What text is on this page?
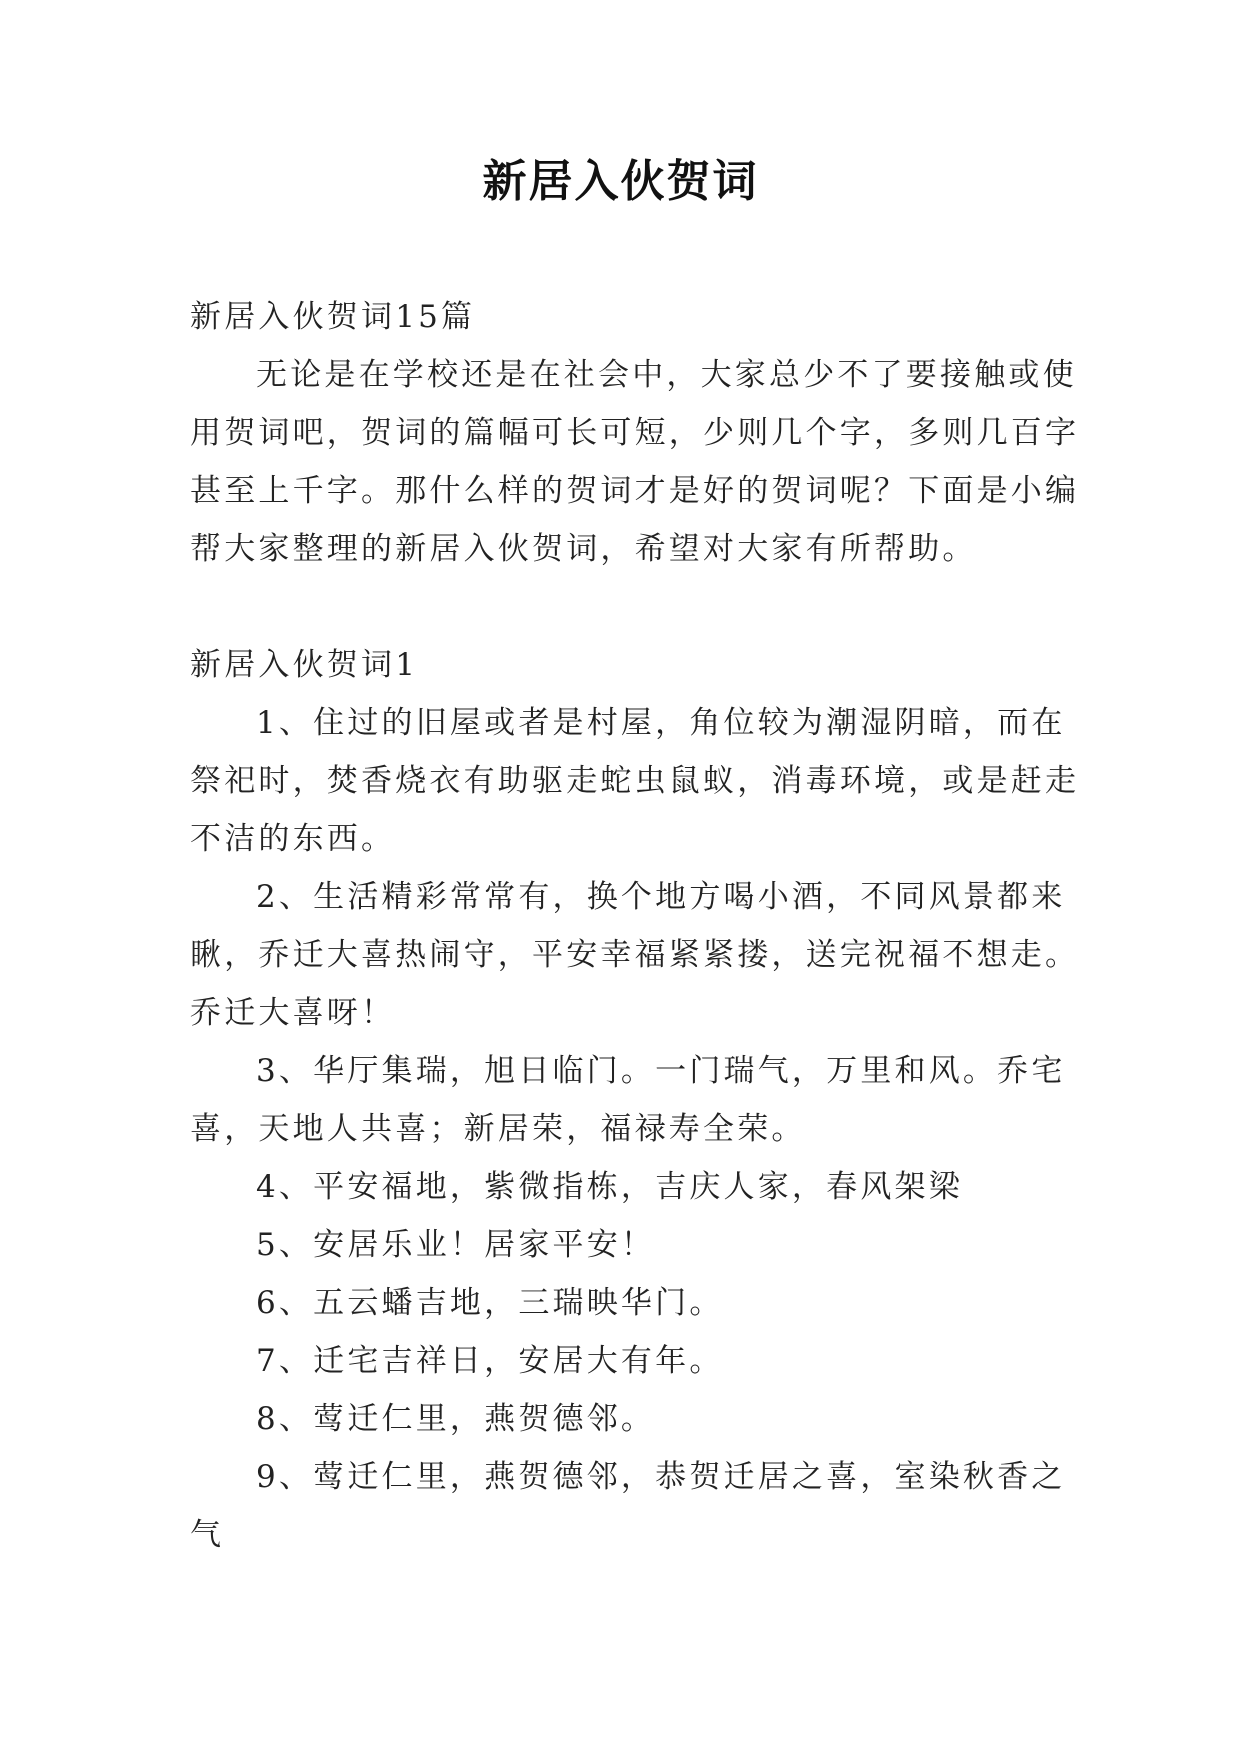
新居入伙贺词
新居入伙贺词15篇
无论是在学校还是在社会中，大家总少不了要接触或使
用贺词吧，贺词的篇幅可长可短，少则几个字，多则几百字
甚至上千字。那什么样的贺词才是好的贺词呢？下面是小编
帮大家整理的新居入伙贺词，希望对大家有所帮助。
新居入伙贺词1
1、住过的旧屋或者是村屋，角位较为潮湿阴暗，而在
祭祀时，焚香烧衣有助驱走蛇虫鼠蚁，消毒环境，或是赶走
不洁的东西。
2、生活精彩常常有，换个地方喝小酒，不同风景都来
瞅，乔迁大喜热闹守，平安幸福紧紧搂，送完祝福不想走。
乔迁大喜呀！
3、华厅集瑞，旭日临门。一门瑞气，万里和风。乔宅
喜，天地人共喜；新居荣，福禄寿全荣。
4、平安福地，紫微指栋，吉庆人家，春风架梁
5、安居乐业！居家平安！
6、五云蟠吉地，三瑞映华门。
7、迁宅吉祥日，安居大有年。
8、莺迁仁里，燕贺德邻。
9、莺迁仁里，燕贺德邻，恭贺迁居之喜，室染秋香之
气
